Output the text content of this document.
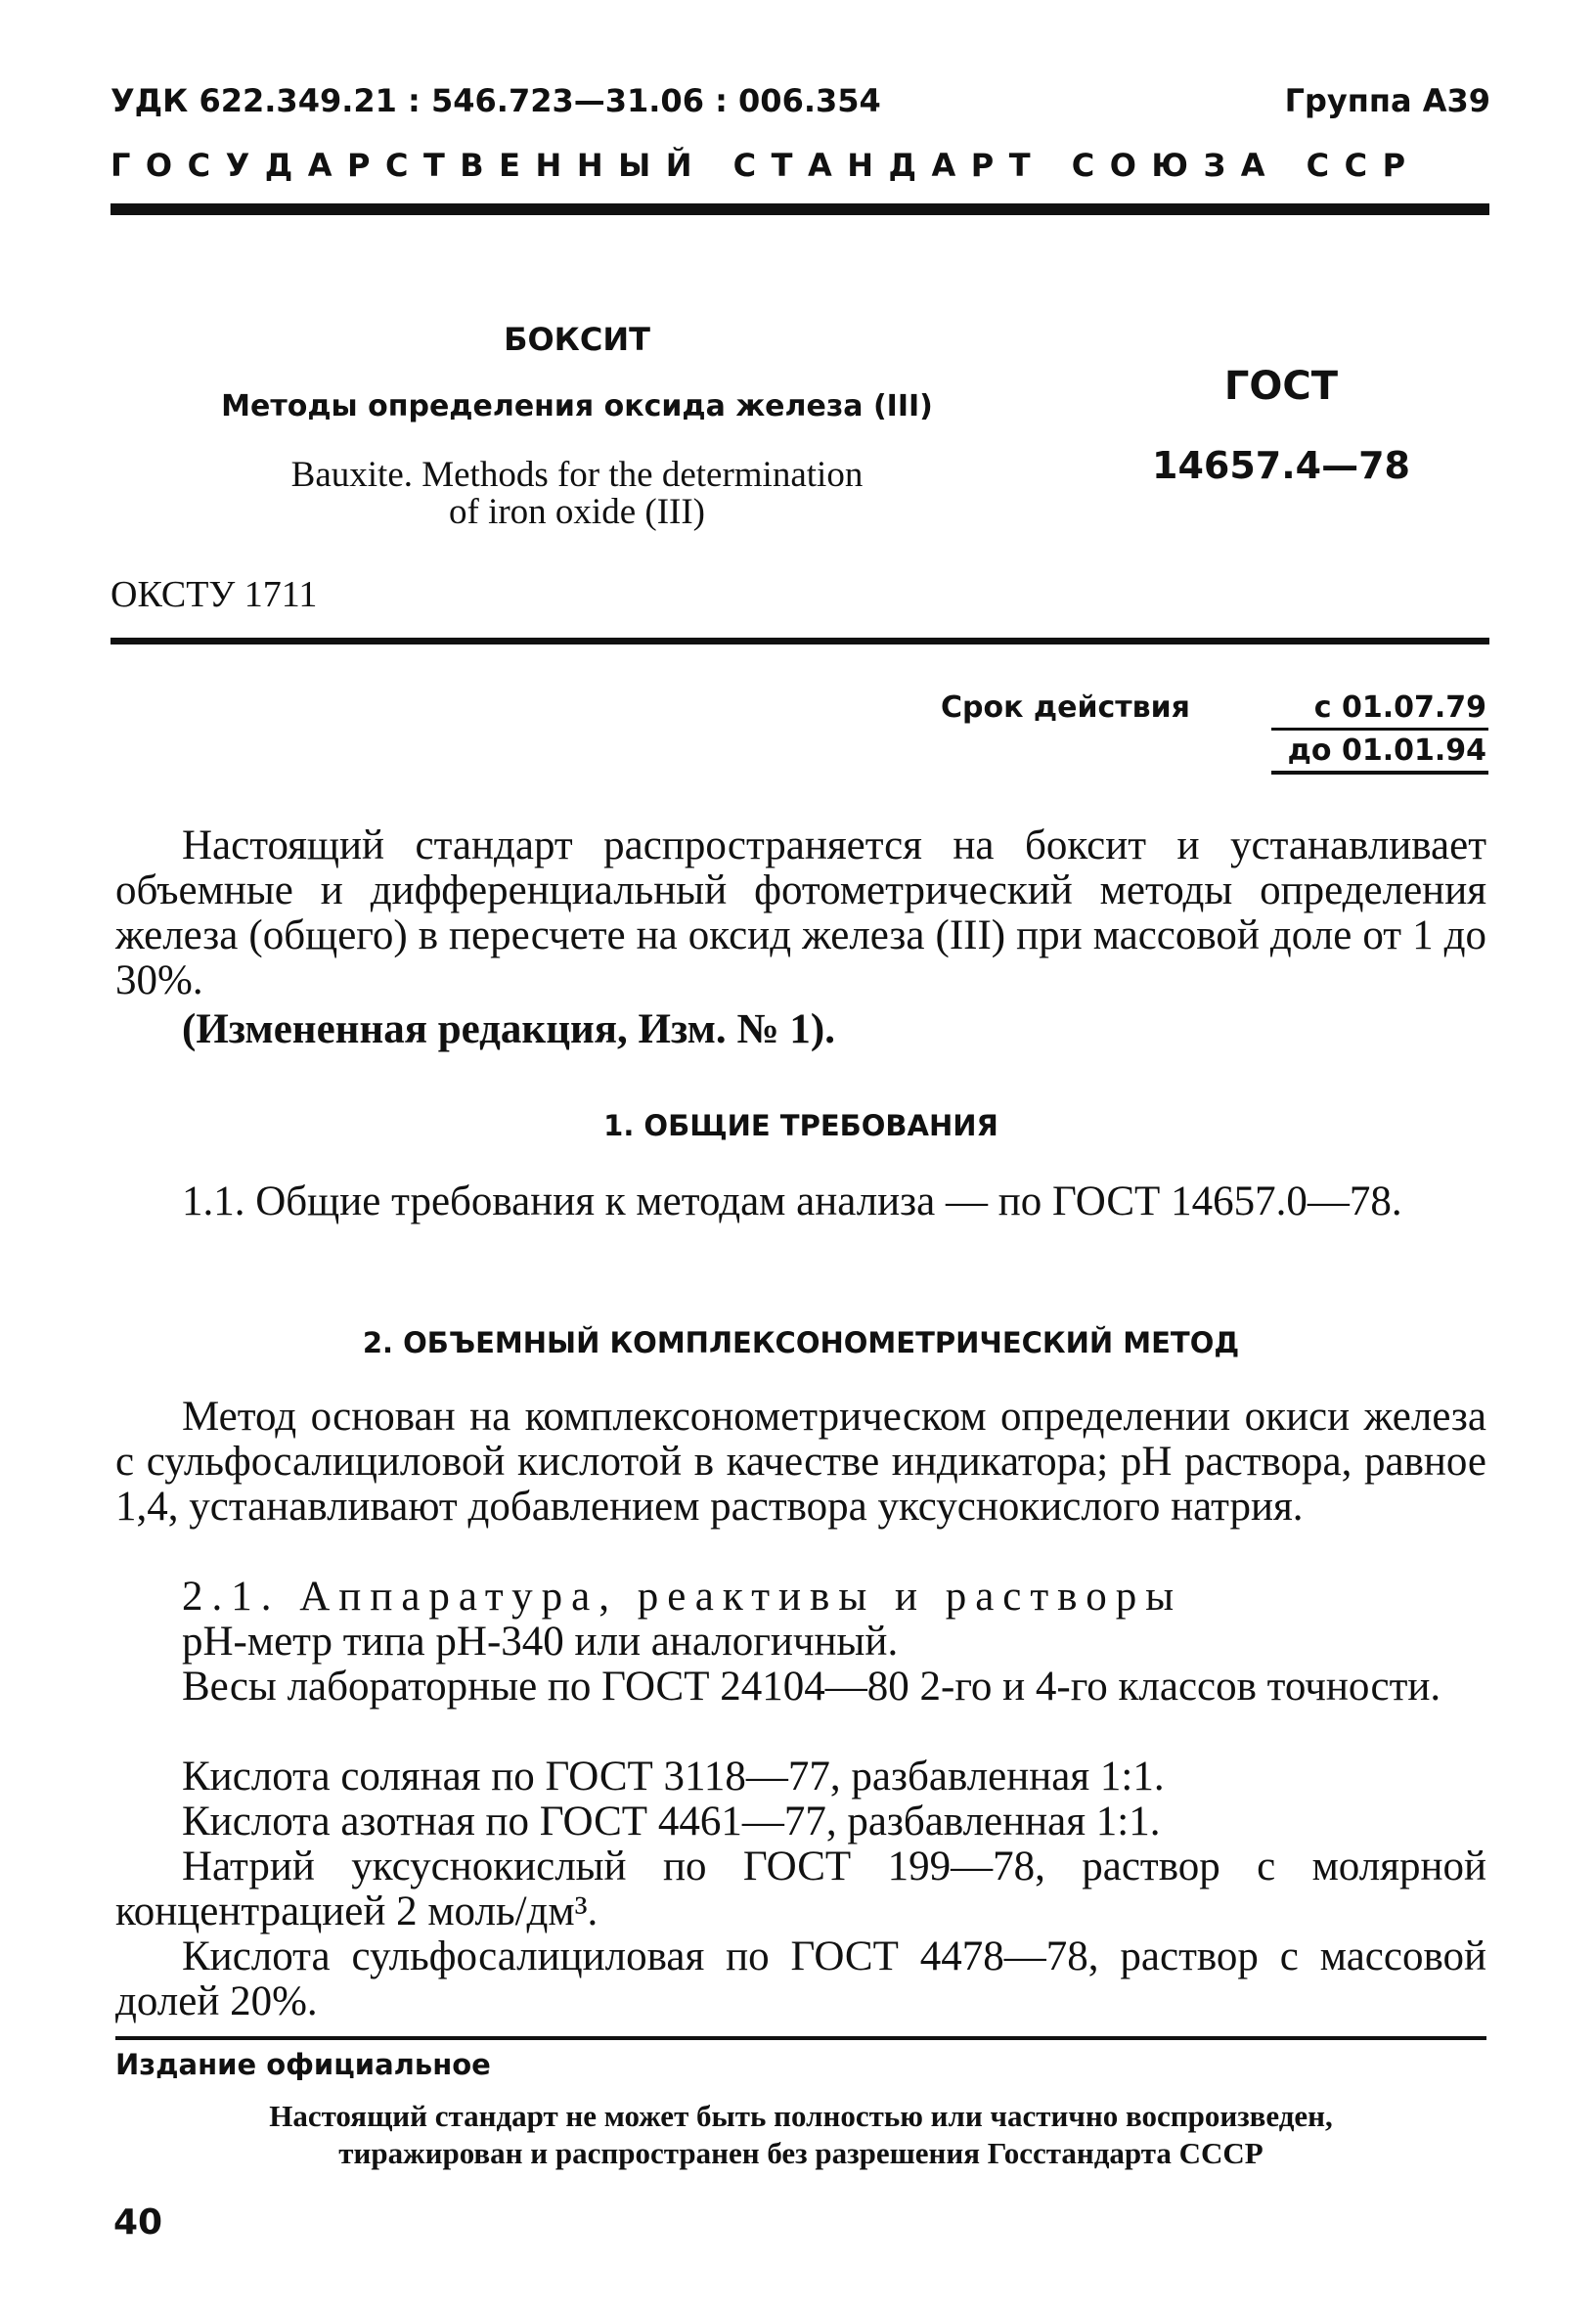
УДК 622.349.21 : 546.723—31.06 : 006.354	Группа А39
ГОСУДАРСТВЕННЫЙ СТАНДАРТ СОЮЗА ССР
БОКСИТ
Методы определения оксида железа (III)
Bauxite. Methods for the determination
of iron oxide (III)
ГОСТ
14657.4—78
ОКСТУ 1711
Срок действия	с 01.07.79
до 01.01.94
Настоящий стандарт распространяется на боксит и устанавливает объемные и дифференциальный фотометрический методы определения железа (общего) в пересчете на оксид железа (III) при массовой доле от 1 до 30%.
(Измененная редакция, Изм. № 1).
1. ОБЩИЕ ТРЕБОВАНИЯ
1.1. Общие требования к методам анализа — по ГОСТ 14657.0—78.
2. ОБЪЕМНЫЙ КОМПЛЕКСОНОМЕТРИЧЕСКИЙ МЕТОД
Метод основан на комплексонометрическом определении окиси железа с сульфосалициловой кислотой в качестве индикатора; pH раствора, равное 1,4, устанавливают добавлением раствора уксуснокислого натрия.
2.1. Аппаратура, реактивы и растворы
pH-метр типа pH-340 или аналогичный.
Весы лабораторные по ГОСТ 24104—80 2-го и 4-го классов точности.
Кислота соляная по ГОСТ 3118—77, разбавленная 1:1.
Кислота азотная по ГОСТ 4461—77, разбавленная 1:1.
Натрий уксуснокислый по ГОСТ 199—78, раствор с молярной концентрацией 2 моль/дм³.
Кислота сульфосалициловая по ГОСТ 4478—78, раствор с массовой долей 20%.
Издание официальное
Настоящий стандарт не может быть полностью или частично воспроизведен,
тиражирован и распространен без разрешения Госстандарта СССР
40
